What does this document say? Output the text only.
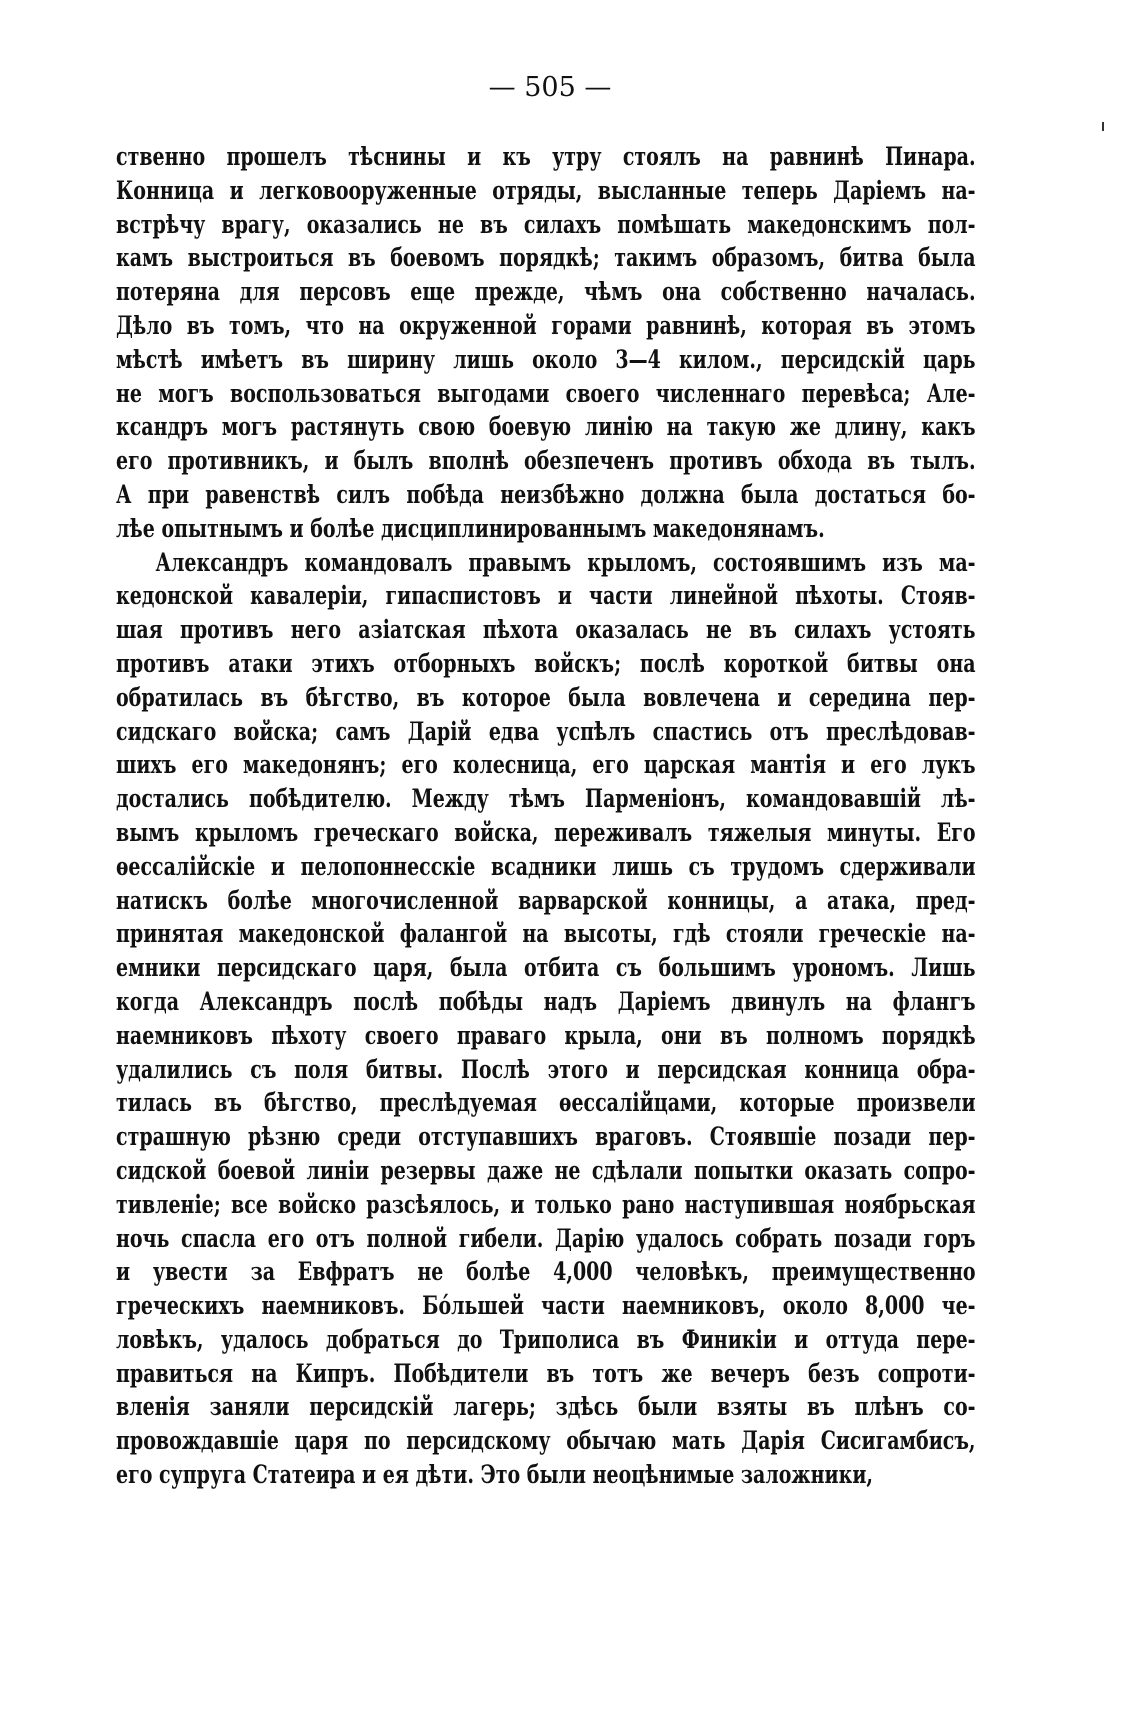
— 505 —
ственно прошелъ тѣснины и къ утру стоялъ на равнинѣ Пинара.
Конница и легковооруженные отряды, высланные теперь Даріемъ на-
встрѣчу врагу, оказались не въ силахъ помѣшать македонскимъ пол-
камъ выстроиться въ боевомъ порядкѣ; такимъ образомъ, битва была
потеряна для персовъ еще прежде, чѣмъ она собственно началась.
Дѣло въ томъ, что на окруженной горами равнинѣ, которая въ этомъ
мѣстѣ имѣетъ въ ширину лишь около 3—4 килом., персидскій царь
не могъ воспользоваться выгодами своего численнаго перевѣса; Але-
ксандръ могъ растянуть свою боевую линію на такую же длину, какъ
его противникъ, и былъ вполнѣ обезпеченъ противъ обхода въ тылъ.
А при равенствѣ силъ побѣда неизбѣжно должна была достаться бо-
лѣе опытнымъ и болѣе дисциплинированнымъ македонянамъ.
Александръ командовалъ правымъ крыломъ, состоявшимъ изъ ма-
кедонской кавалеріи, гипаспистовъ и части линейной пѣхоты. Стояв-
шая противъ него азіатская пѣхота оказалась не въ силахъ устоять
противъ атаки этихъ отборныхъ войскъ; послѣ короткой битвы она
обратилась въ бѣгство, въ которое была вовлечена и середина пер-
сидскаго войска; самъ Дарій едва успѣлъ спастись отъ преслѣдовав-
шихъ его македонянъ; его колесница, его царская мантія и его лукъ
достались побѣдителю. Между тѣмъ Парменіонъ, командовавшій лѣ-
вымъ крыломъ греческаго войска, переживалъ тяжелыя минуты. Его
ѳессалійскіе и пелопоннесскіе всадники лишь съ трудомъ сдерживали
натискъ болѣе многочисленной варварской конницы, а атака, пред-
принятая македонской фалангой на высоты, гдѣ стояли греческіе на-
емники персидскаго царя, была отбита съ большимъ урономъ. Лишь
когда Александръ послѣ побѣды надъ Даріемъ двинулъ на флангъ
наемниковъ пѣхоту своего праваго крыла, они въ полномъ порядкѣ
удалились съ поля битвы. Послѣ этого и персидская конница обра-
тилась въ бѣгство, преслѣдуемая ѳессалійцами, которые произвели
страшную рѣзню среди отступавшихъ враговъ. Стоявшіе позади пер-
сидской боевой линіи резервы даже не сдѣлали попытки оказать сопро-
тивленіе; все войско разсѣялось, и только рано наступившая ноябрьская
ночь спасла его отъ полной гибели. Дарію удалось собрать позади горъ
и увести за Евфратъ не болѣе 4,000 человѣкъ, преимущественно
греческихъ наемниковъ. Бо́льшей части наемниковъ, около 8,000 че-
ловѣкъ, удалось добраться до Триполиса въ Финикіи и оттуда пере-
правиться на Кипръ. Побѣдители въ тотъ же вечеръ безъ сопроти-
вленія заняли персидскій лагерь; здѣсь были взяты въ плѣнъ со-
провождавшіе царя по персидскому обычаю мать Дарія Сисигамбисъ,
его супруга Статеира и ея дѣти. Это были неоцѣнимые заложники,
